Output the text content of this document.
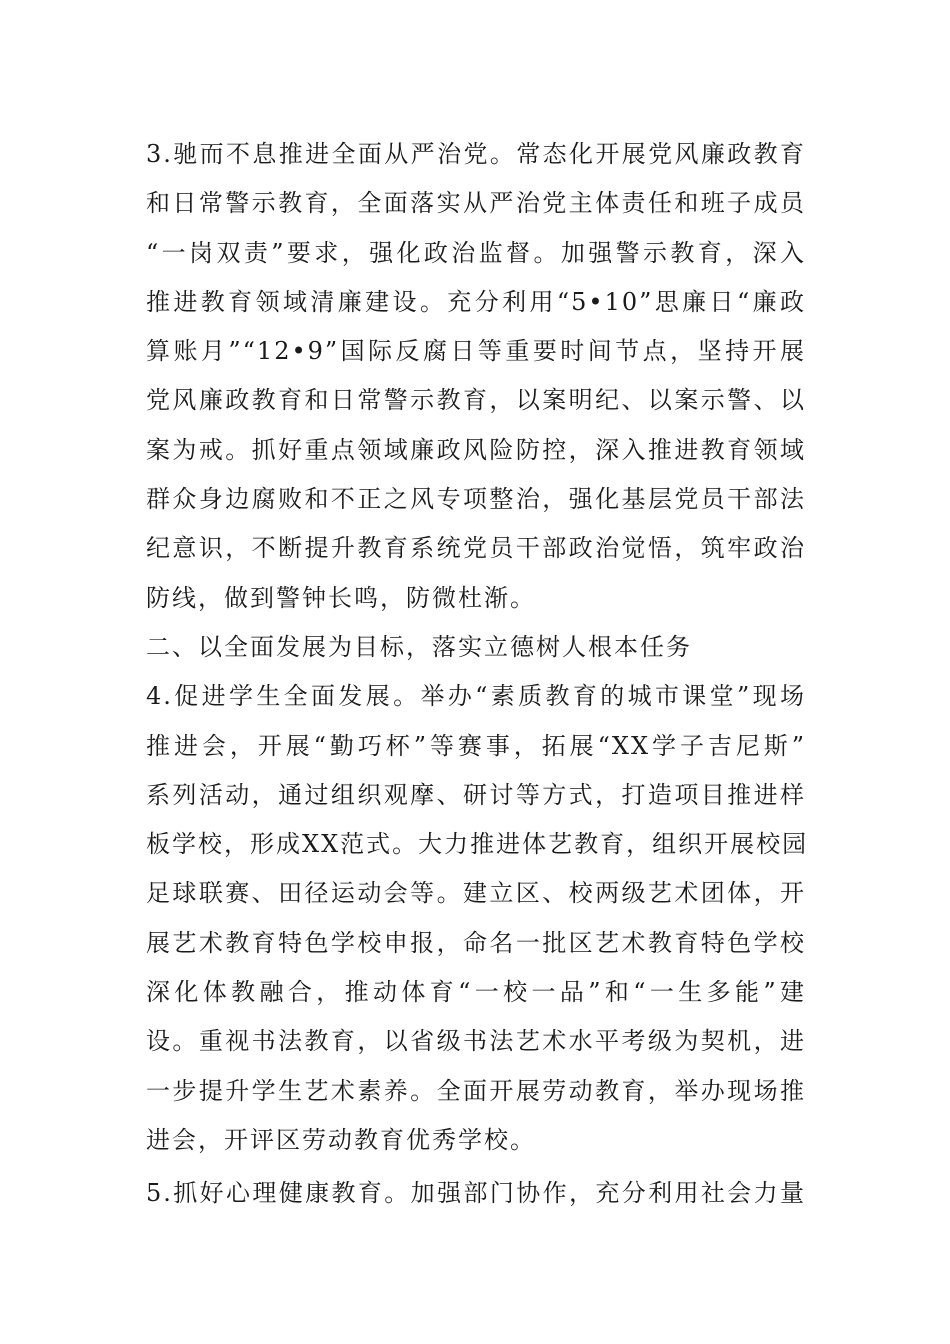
3.驰而不息推进全面从严治党。常态化开展党风廉政教育
和日常警示教育，全面落实从严治党主体责任和班子成员
“一岗双责”要求，强化政治监督。加强警示教育，深入
推进教育领域清廉建设。充分利用“5•10”思廉日“廉政
算账月”“12•9”国际反腐日等重要时间节点，坚持开展
党风廉政教育和日常警示教育，以案明纪、以案示警、以
案为戒。抓好重点领域廉政风险防控，深入推进教育领域
群众身边腐败和不正之风专项整治，强化基层党员干部法
纪意识，不断提升教育系统党员干部政治觉悟，筑牢政治
防线，做到警钟长鸣，防微杜渐。
二、以全面发展为目标，落实立德树人根本任务
4.促进学生全面发展。举办“素质教育的城市课堂”现场
推进会，开展“勤巧杯”等赛事，拓展“XX学子吉尼斯”
系列活动，通过组织观摩、研讨等方式，打造项目推进样
板学校，形成XX范式。大力推进体艺教育，组织开展校园
足球联赛、田径运动会等。建立区、校两级艺术团体，开
展艺术教育特色学校申报，命名一批区艺术教育特色学校
深化体教融合，推动体育“一校一品”和“一生多能”建
设。重视书法教育，以省级书法艺术水平考级为契机，进
一步提升学生艺术素养。全面开展劳动教育，举办现场推
进会，开评区劳动教育优秀学校。
5.抓好心理健康教育。加强部门协作，充分利用社会力量
